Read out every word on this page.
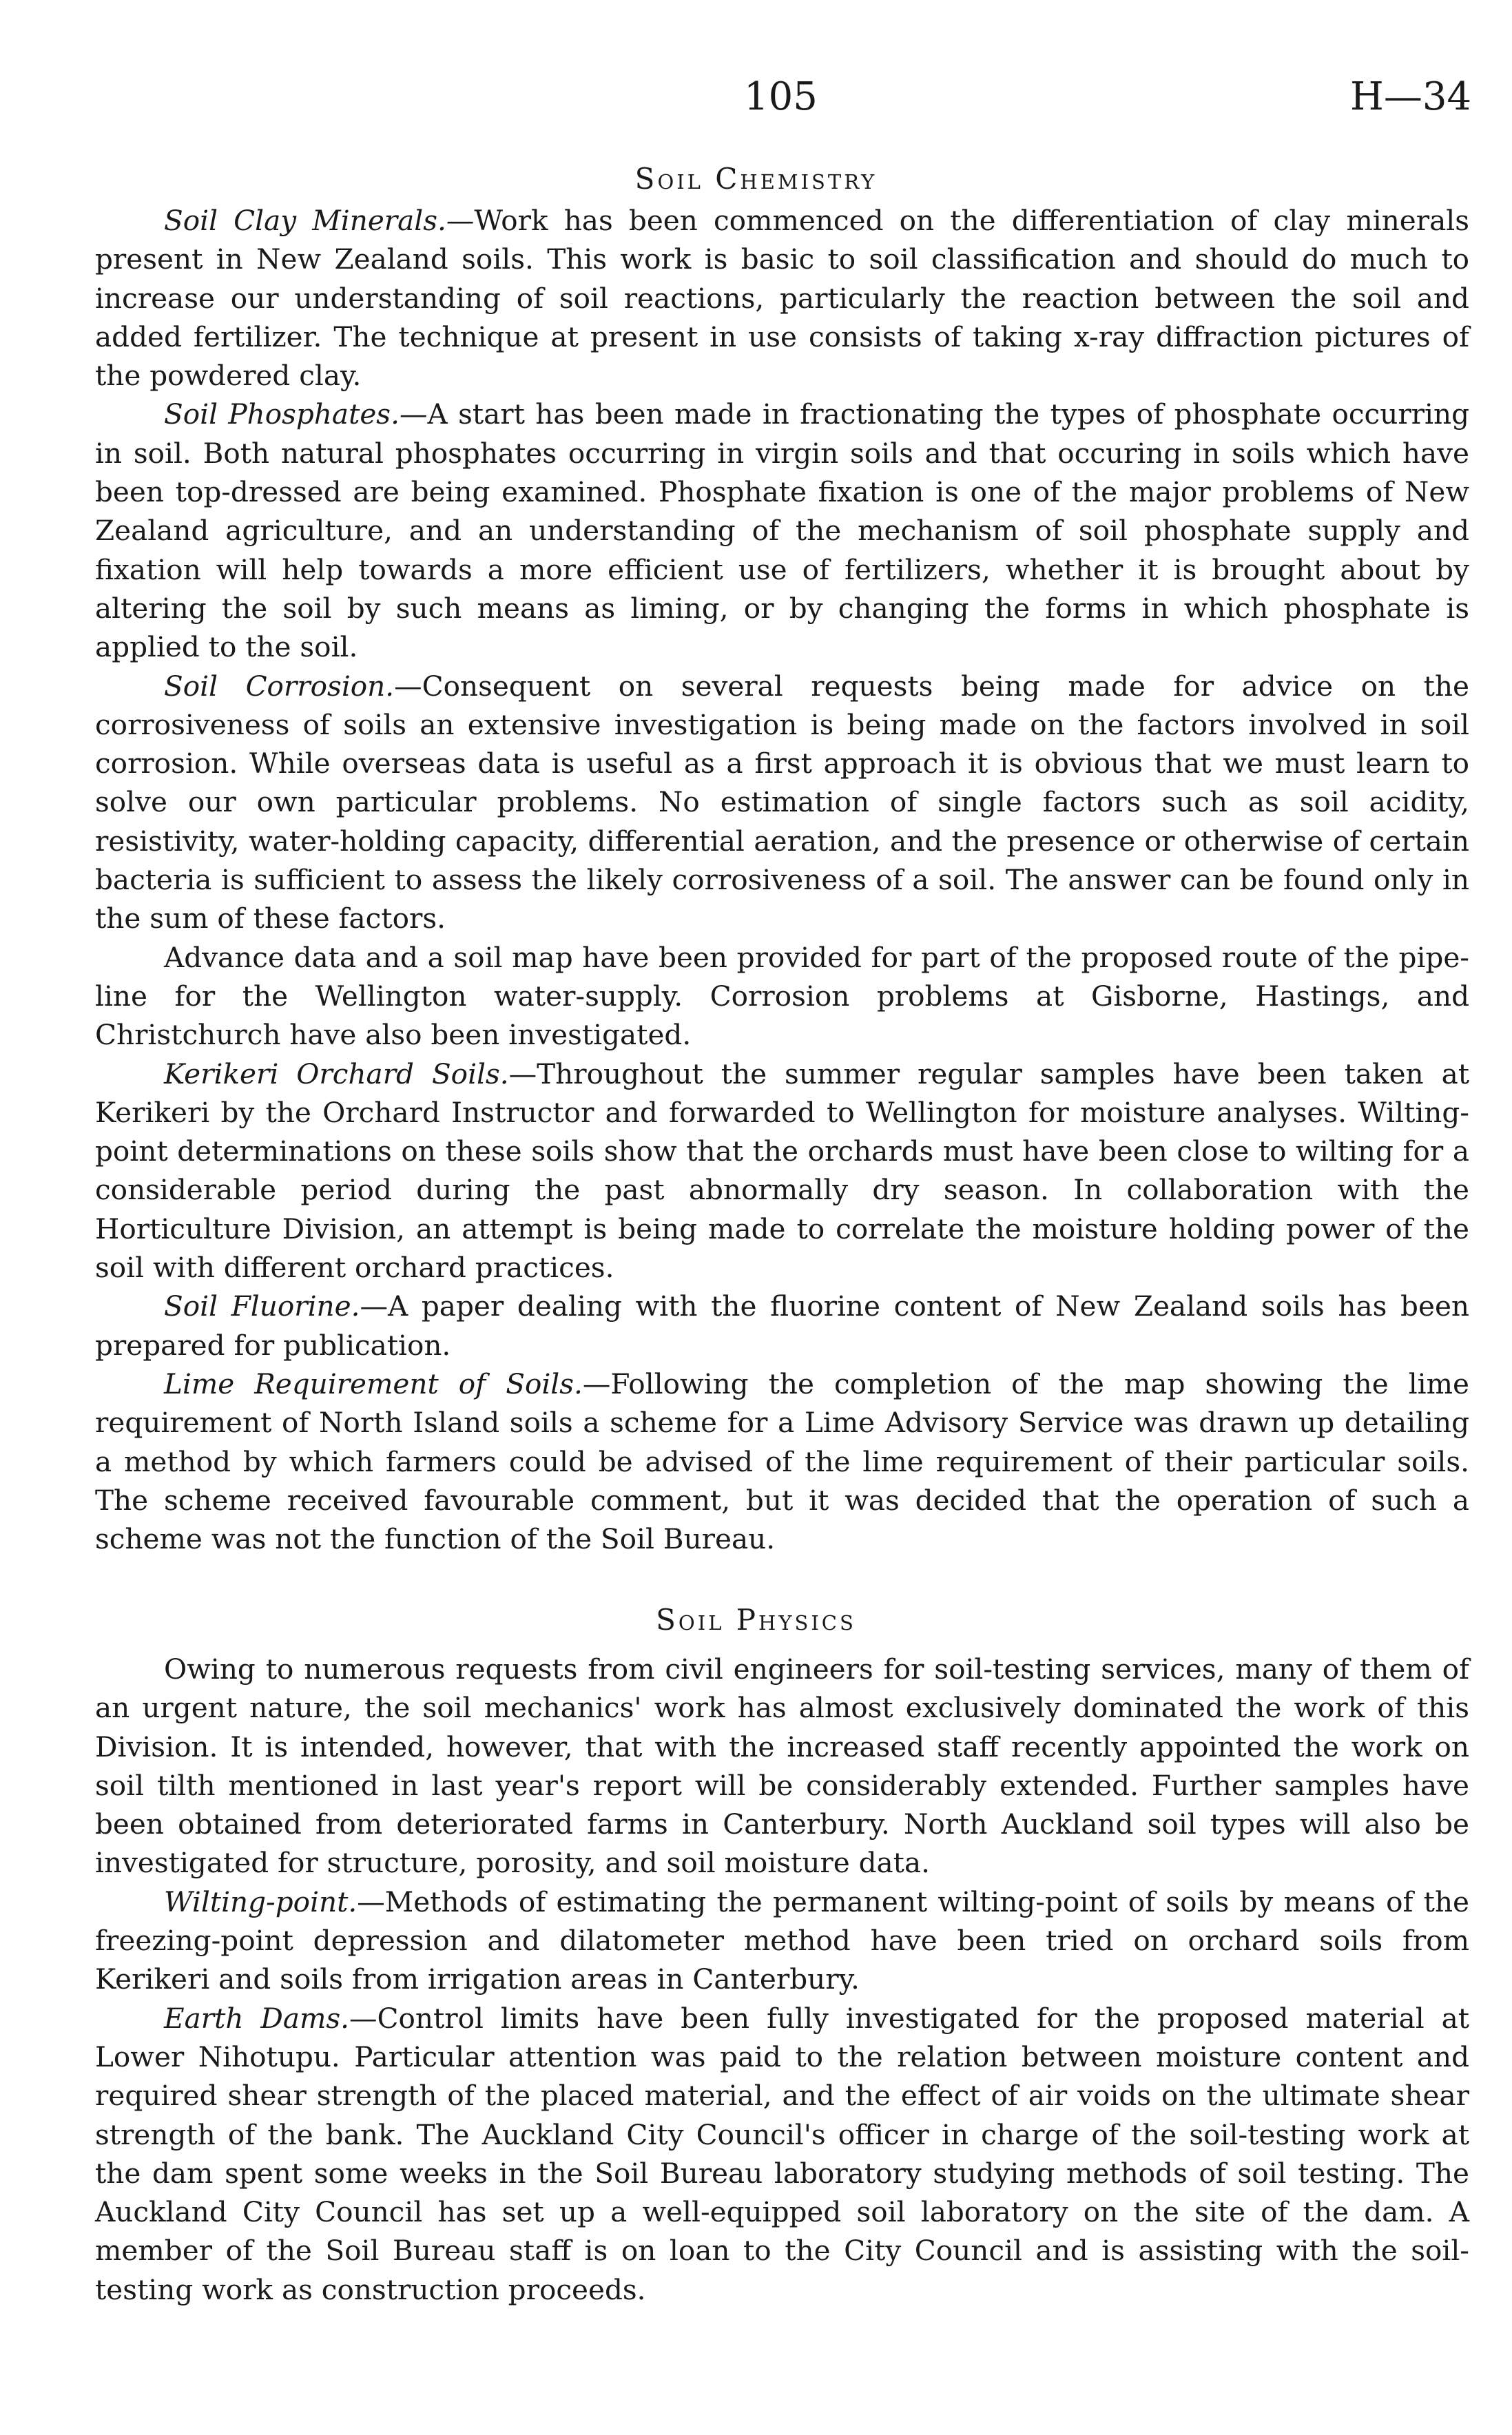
105	H—34
Soil Chemistry

Soil Clay Minerals.—Work has been commenced on the differentiation of clay minerals present in New Zealand soils. This work is basic to soil classification and should do much to increase our understanding of soil reactions, particularly the reaction between the soil and added fertilizer. The technique at present in use consists of taking x-ray diffraction pictures of the powdered clay.

Soil Phosphates.—A start has been made in fractionating the types of phosphate occurring in soil. Both natural phosphates occurring in virgin soils and that occuring in soils which have been top-dressed are being examined. Phosphate fixation is one of the major problems of New Zealand agriculture, and an understanding of the mechanism of soil phosphate supply and fixation will help towards a more efficient use of fertilizers, whether it is brought about by altering the soil by such means as liming, or by changing the forms in which phosphate is applied to the soil.

Soil Corrosion.—Consequent on several requests being made for advice on the corrosiveness of soils an extensive investigation is being made on the factors involved in soil corrosion. While overseas data is useful as a first approach it is obvious that we must learn to solve our own particular problems. No estimation of single factors such as soil acidity, resistivity, water-holding capacity, differential aeration, and the presence or otherwise of certain bacteria is sufficient to assess the likely corrosiveness of a soil. The answer can be found only in the sum of these factors.

Advance data and a soil map have been provided for part of the proposed route of the pipe-line for the Wellington water-supply. Corrosion problems at Gisborne, Hastings, and Christchurch have also been investigated.

Kerikeri Orchard Soils.—Throughout the summer regular samples have been taken at Kerikeri by the Orchard Instructor and forwarded to Wellington for moisture analyses. Wilting-point determinations on these soils show that the orchards must have been close to wilting for a considerable period during the past abnormally dry season. In collaboration with the Horticulture Division, an attempt is being made to correlate the moisture holding power of the soil with different orchard practices.

Soil Fluorine.—A paper dealing with the fluorine content of New Zealand soils has been prepared for publication.

Lime Requirement of Soils.—Following the completion of the map showing the lime requirement of North Island soils a scheme for a Lime Advisory Service was drawn up detailing a method by which farmers could be advised of the lime requirement of their particular soils. The scheme received favourable comment, but it was decided that the operation of such a scheme was not the function of the Soil Bureau.

Soil Physics

Owing to numerous requests from civil engineers for soil-testing services, many of them of an urgent nature, the soil mechanics' work has almost exclusively dominated the work of this Division. It is intended, however, that with the increased staff recently appointed the work on soil tilth mentioned in last year's report will be considerably extended. Further samples have been obtained from deteriorated farms in Canterbury. North Auckland soil types will also be investigated for structure, porosity, and soil moisture data.

Wilting-point.—Methods of estimating the permanent wilting-point of soils by means of the freezing-point depression and dilatometer method have been tried on orchard soils from Kerikeri and soils from irrigation areas in Canterbury.

Earth Dams.—Control limits have been fully investigated for the proposed material at Lower Nihotupu. Particular attention was paid to the relation between moisture content and required shear strength of the placed material, and the effect of air voids on the ultimate shear strength of the bank. The Auckland City Council's officer in charge of the soil-testing work at the dam spent some weeks in the Soil Bureau laboratory studying methods of soil testing. The Auckland City Council has set up a well-equipped soil laboratory on the site of the dam. A member of the Soil Bureau staff is on loan to the City Council and is assisting with the soil-testing work as construction proceeds.
